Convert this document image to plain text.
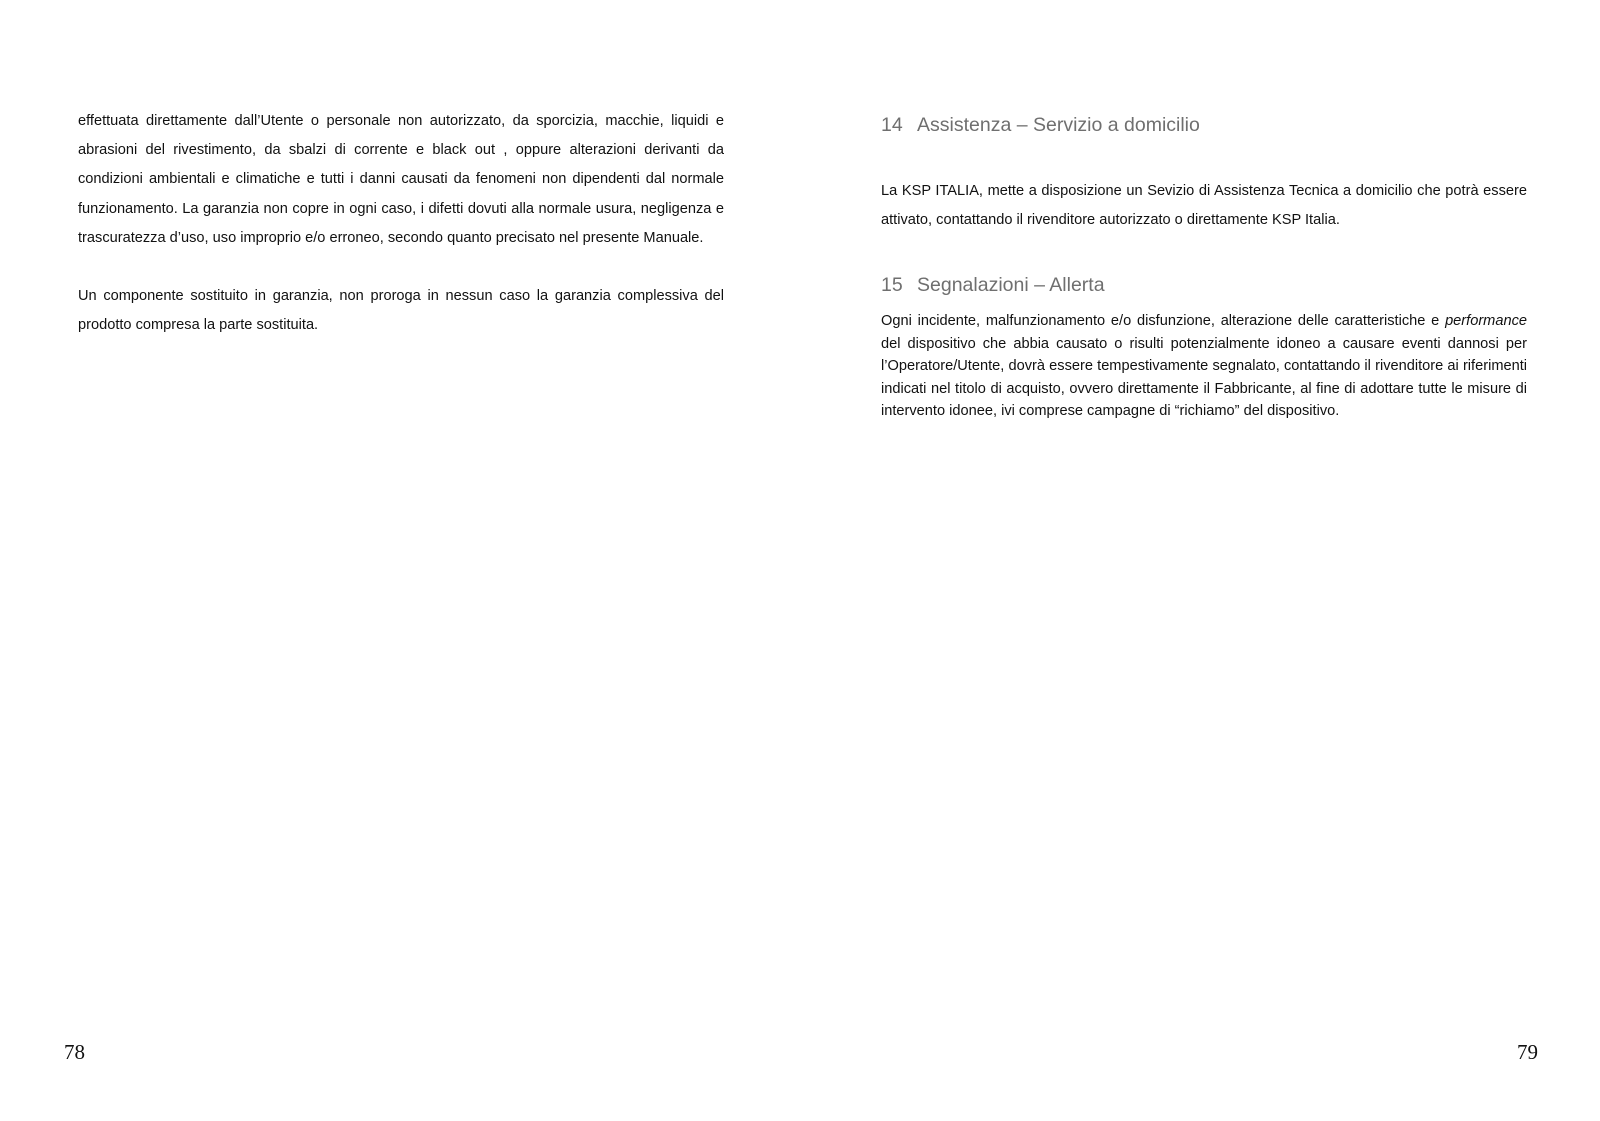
effettuata direttamente dall’Utente o personale non autorizzato, da sporcizia, macchie, liquidi e abrasioni del rivestimento, da sbalzi di corrente e black out , oppure alterazioni derivanti da condizioni ambientali e climatiche e tutti i danni causati da fenomeni non dipendenti dal normale funzionamento. La garanzia non copre in ogni caso, i difetti dovuti alla normale usura, negligenza e trascuratezza d’uso, uso improprio e/o erroneo, secondo quanto precisato nel presente Manuale.

Un componente sostituito in garanzia, non proroga in nessun caso la garanzia complessiva del prodotto compresa la parte sostituita.

78
14 Assistenza – Servizio a domicilio

La KSP ITALIA, mette a disposizione un Sevizio di Assistenza Tecnica a domicilio che potrà essere attivato, contattando il rivenditore autorizzato o direttamente KSP Italia.

15 Segnalazioni – Allerta

Ogni incidente, malfunzionamento e/o disfunzione, alterazione delle caratteristiche e performance del dispositivo che abbia causato o risulti potenzialmente idoneo a causare eventi dannosi per l’Operatore/Utente, dovrà essere tempestivamente segnalato, contattando il rivenditore ai riferimenti indicati nel titolo di acquisto, ovvero direttamente il Fabbricante, al fine di adottare tutte le misure di intervento idonee, ivi comprese campagne di “richiamo” del dispositivo.

79
